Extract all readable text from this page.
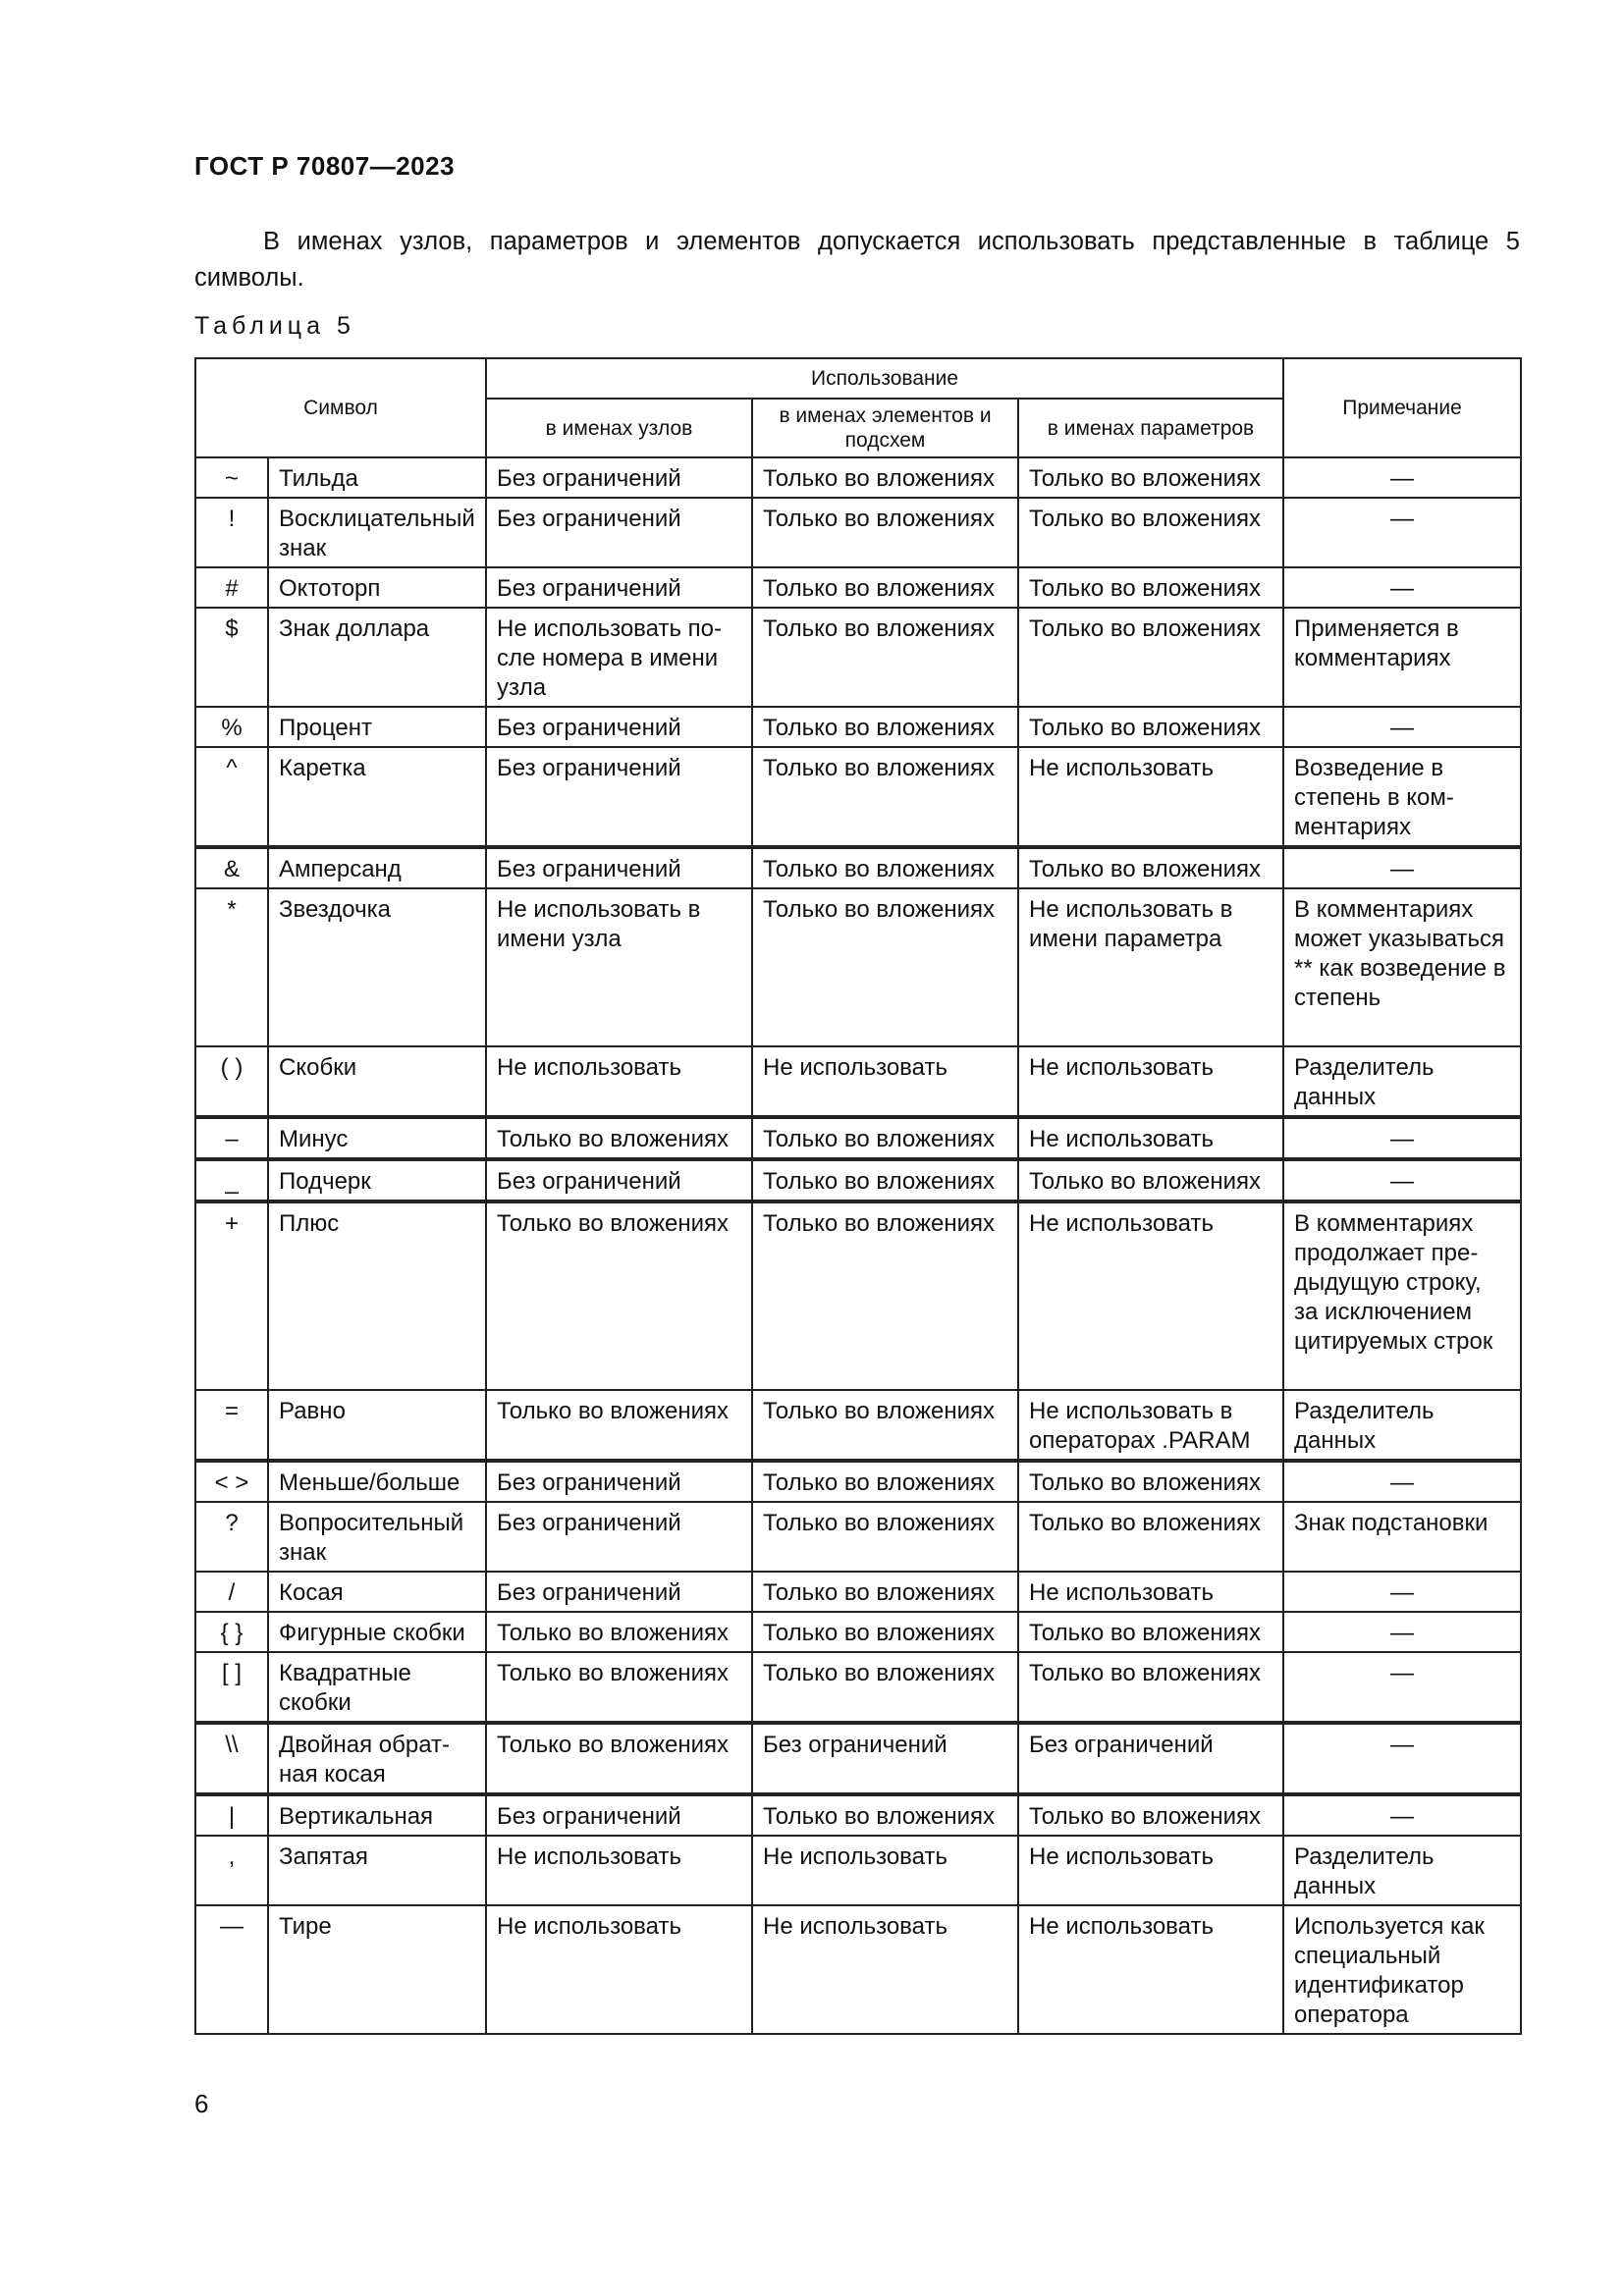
ГОСТ Р 70807—2023

В именах узлов, параметров и элементов допускается использовать представленные в таблице 5 символы.

Таблица 5
Символ		Использование			Примечание
		в именах узлов	в именах элементов и подсхем	в именах параметров	
~	Тильда	Без ограничений	Только во вложениях	Только во вложениях	—
!	Восклицательный знак	Без ограничений	Только во вложениях	Только во вложениях	—
#	Октоторп	Без ограничений	Только во вложениях	Только во вложениях	—
$	Знак доллара	Не использовать после номера в имени узла	Только во вложениях	Только во вложениях	Применяется в комментариях
%	Процент	Без ограничений	Только во вложениях	Только во вложениях	—
^	Каретка	Без ограничений	Только во вложениях	Не использовать	Возведение в степень в комментариях
&	Амперсанд	Без ограничений	Только во вложениях	Только во вложениях	—
*	Звездочка	Не использовать в имени узла	Только во вложениях	Не использовать в имени параметра	В комментариях может указываться ** как возведение в степень
( )	Скобки	Не использовать	Не использовать	Не использовать	Разделитель данных
–	Минус	Только во вложениях	Только во вложениях	Не использовать	—
_	Подчерк	Без ограничений	Только во вложениях	Только во вложениях	—
+	Плюс	Только во вложениях	Только во вложениях	Не использовать	В комментариях продолжает предыдущую строку, за исключением цитируемых строк
=	Равно	Только во вложениях	Только во вложениях	Не использовать в операторах .PARAM	Разделитель данных
< >	Меньше/больше	Без ограничений	Только во вложениях	Только во вложениях	—
?	Вопросительный знак	Без ограничений	Только во вложениях	Только во вложениях	Знак подстановки
/	Косая	Без ограничений	Только во вложениях	Не использовать	—
{ }	Фигурные скобки	Только во вложениях	Только во вложениях	Только во вложениях	—
[ ]	Квадратные скобки	Только во вложениях	Только во вложениях	Только во вложениях	—
\\	Двойная обратная косая	Только во вложениях	Без ограничений	Без ограничений	—
|	Вертикальная	Без ограничений	Только во вложениях	Только во вложениях	—
,	Запятая	Не использовать	Не использовать	Не использовать	Разделитель данных
—	Тире	Не использовать	Не использовать	Не использовать	Используется как специальный идентификатор оператора
6
